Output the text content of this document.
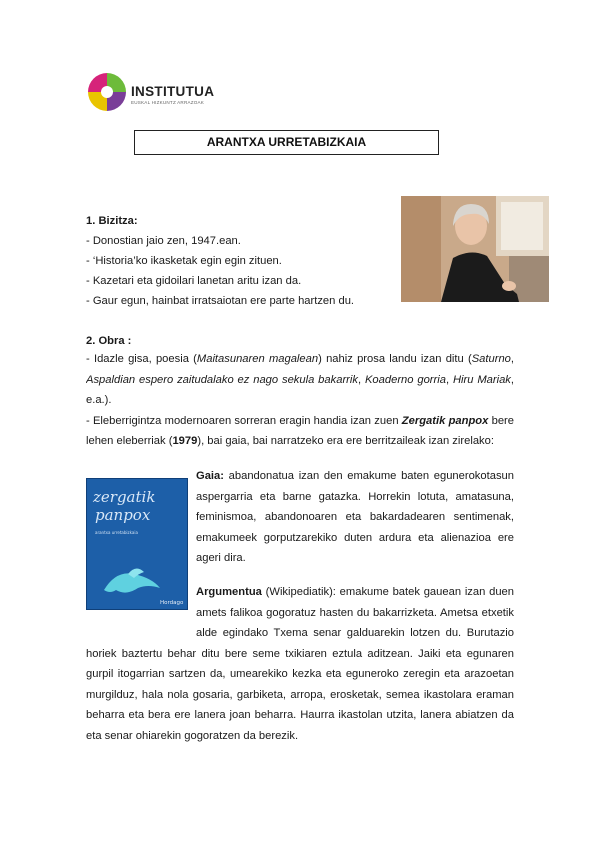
INSTITUTUA
EUSKAL HIZKUNTZ ARRAZOAK
ARANTXA URRETABIZKAIA
1. Bizitza:
- Donostian jaio zen, 1947.ean.
- ‘Historia’ko ikasketak egin egin zituen.
- Kazetari eta gidoilari lanetan aritu izan da.
- Gaur egun, hainbat irratsaiotan ere parte hartzen du.
2. Obra :
- Idazle gisa, poesia (Maitasunaren magalean) nahiz prosa landu izan ditu (Saturno,
Aspaldian espero zaitudalako ez nago sekula bakarrik, Koaderno gorria, Hiru Mariak,
e.a.).
- Eleberrigintza modernoaren sorreran eragin handia izan zuen Zergatik panpox bere
lehen eleberriak (1979), bai gaia, bai narratzeko era ere berritzaileak izan zirelako:
zergatik
panpox
arantxa urretabizkaia
Hordago
Gaia: abandonatua izan den emakume baten egunerokotasun
aspergarria eta barne gatazka. Horrekin lotuta, amatasuna,
feminismoa, abandonoaren eta bakardadearen sentimenak,
emakumeek gorputzarekiko duten ardura eta alienazioa ere
ageri dira.
Argumentua (Wikipediatik): emakume batek gauean izan duen
amets falikoa gogoratuz hasten du bakarrizketa. Ametsa etxetik
alde egindako Txema senar galduarekin lotzen du. Burutazio
horiek baztertu behar ditu bere seme txikiaren eztula aditzean. Jaiki eta egunaren
gurpil itogarrian sartzen da, umearekiko kezka eta eguneroko zeregin eta arazoetan
murgilduz, hala nola gosaria, garbiketa, arropa, erosketak, semea ikastolara eraman
beharra eta bera ere lanera joan beharra. Haurra ikastolan utzita, lanera abiatzen da
eta senar ohiarekin gogoratzen da berezik.
